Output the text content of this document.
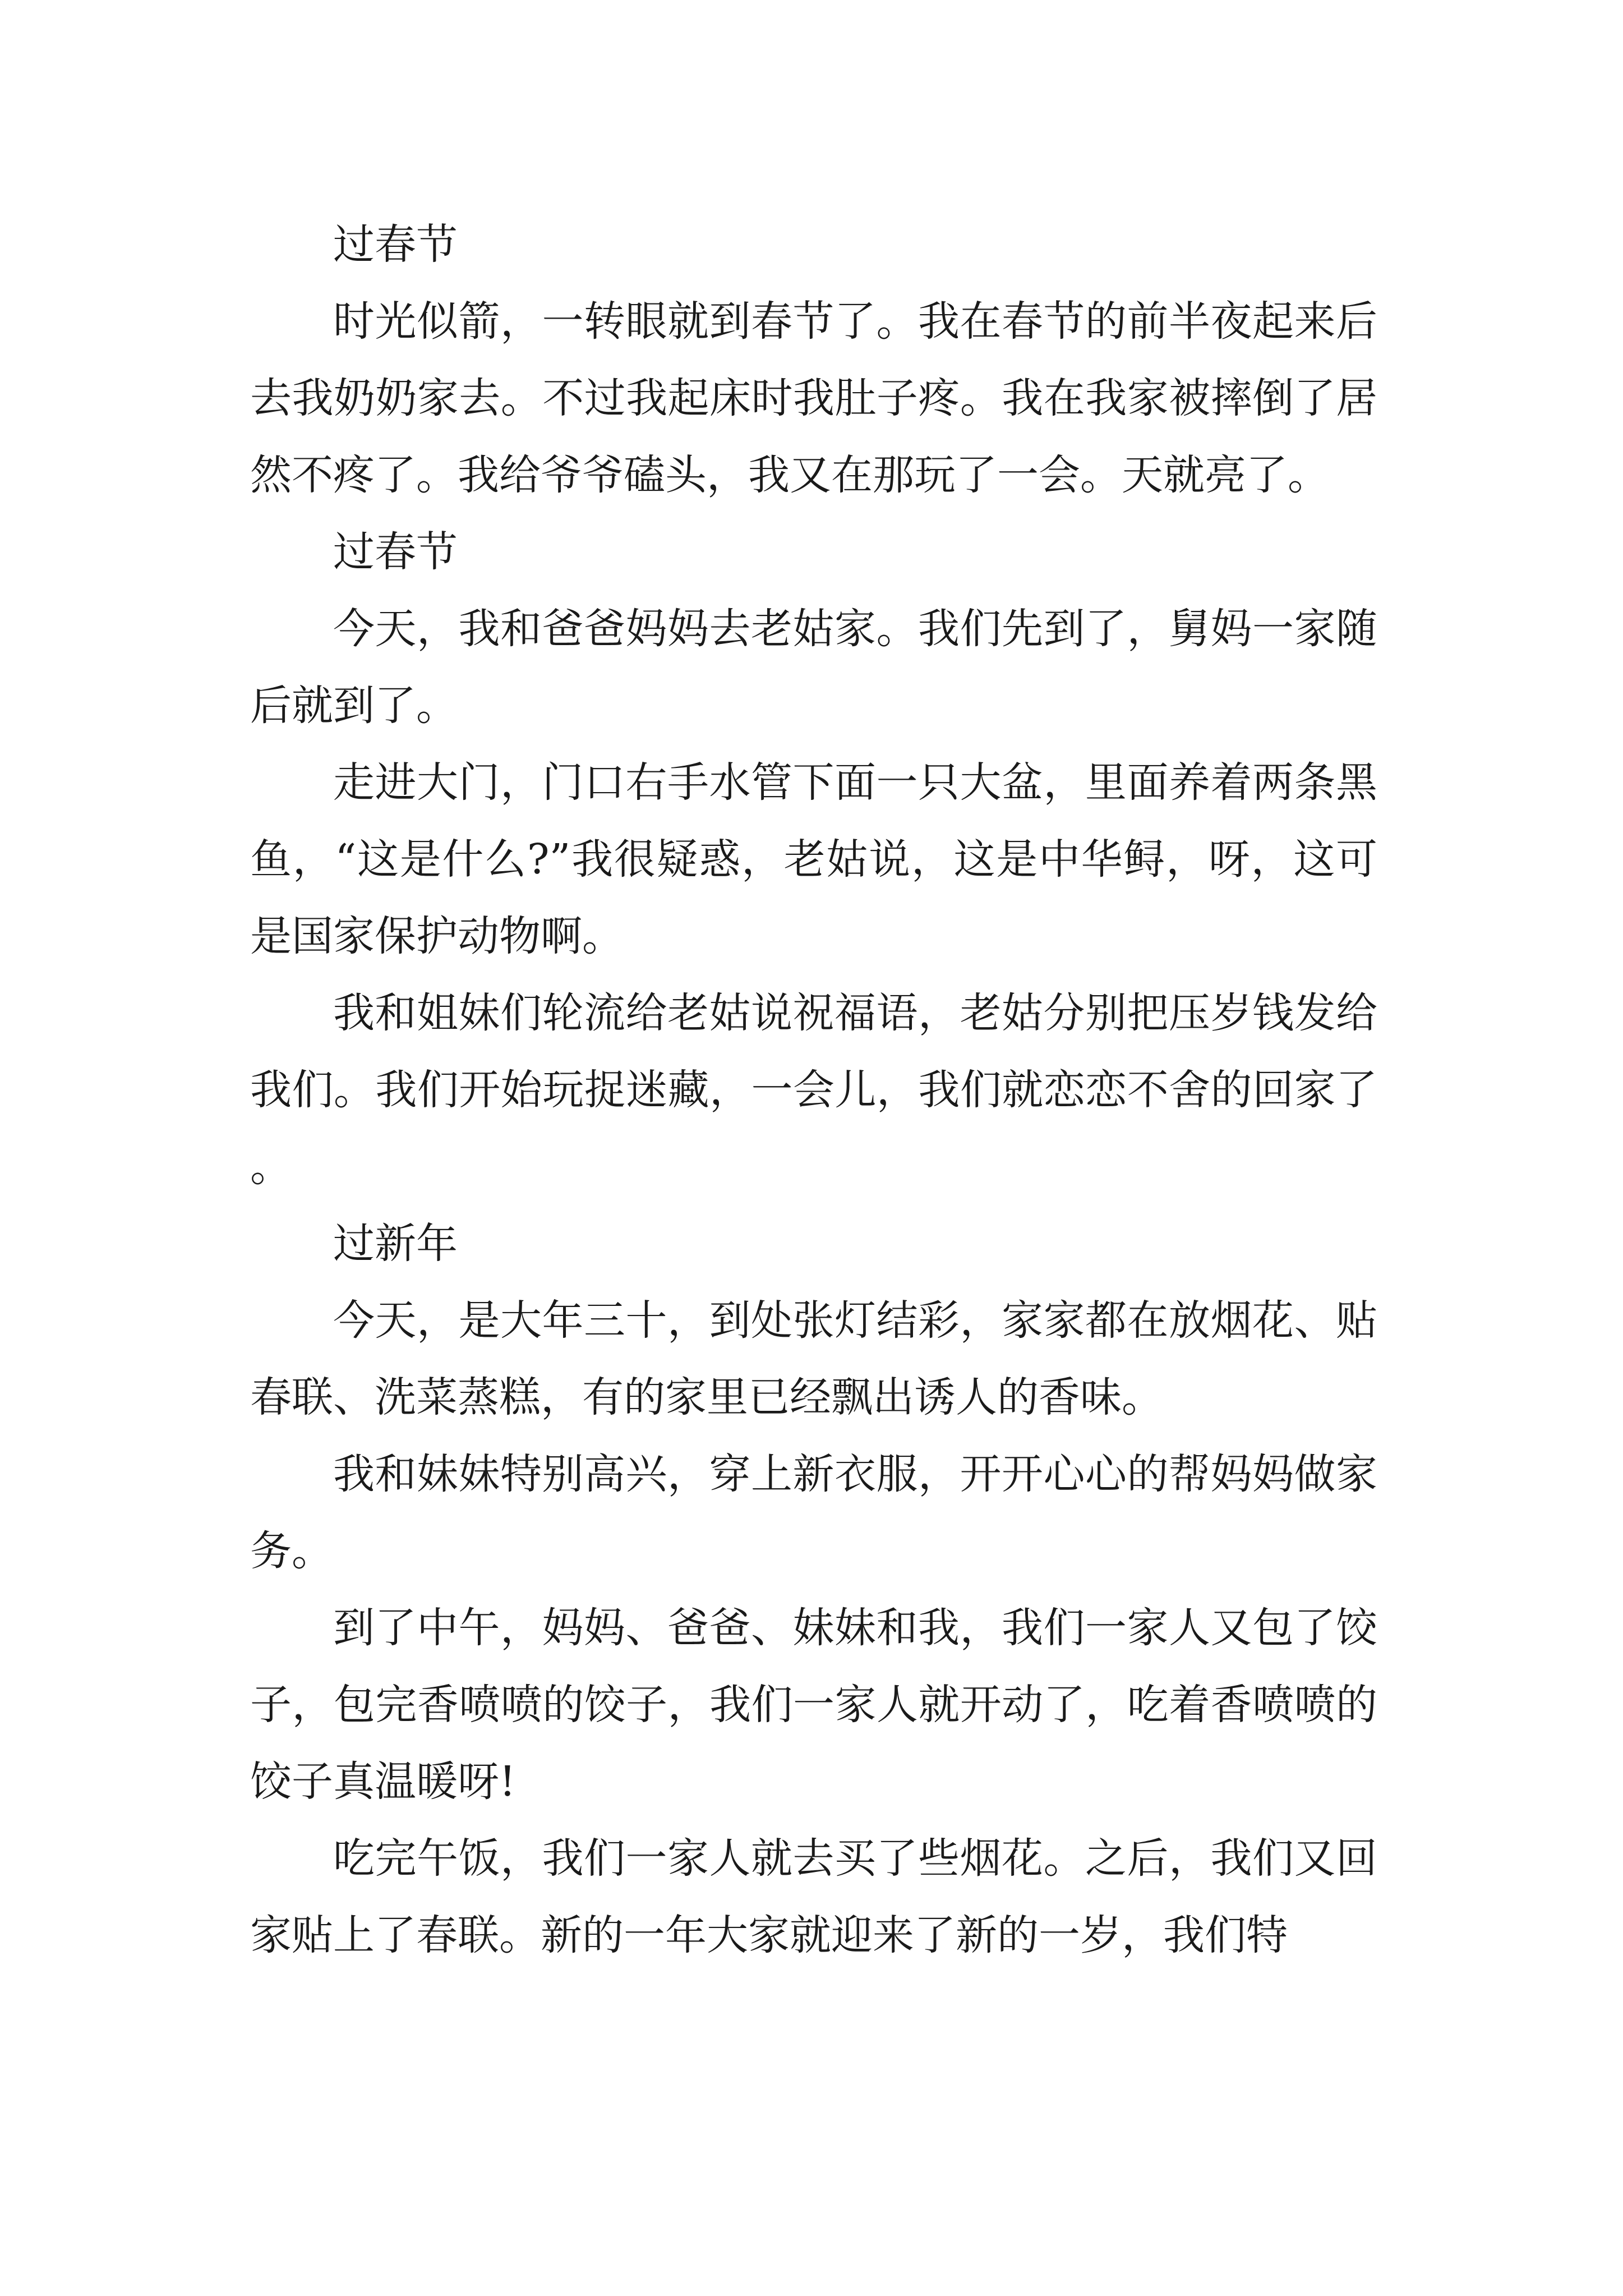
过春节

时光似箭，一转眼就到春节了。我在春节的前半夜起来后去我奶奶家去。不过我起床时我肚子疼。我在我家被摔倒了居然不疼了。我给爷爷磕头，我又在那玩了一会。天就亮了。

过春节

今天，我和爸爸妈妈去老姑家。我们先到了，舅妈一家随后就到了。

走进大门，门口右手水管下面一只大盆，里面养着两条黑鱼，“这是什么?”我很疑惑，老姑说，这是中华鲟，呀，这可是国家保护动物啊。

我和姐妹们轮流给老姑说祝福语，老姑分别把压岁钱发给我们。我们开始玩捉迷藏，一会儿，我们就恋恋不舍的回家了。

过新年

今天，是大年三十，到处张灯结彩，家家都在放烟花、贴春联、洗菜蒸糕，有的家里已经飘出诱人的香味。

我和妹妹特别高兴，穿上新衣服，开开心心的帮妈妈做家务。

到了中午，妈妈、爸爸、妹妹和我，我们一家人又包了饺子，包完香喷喷的饺子，我们一家人就开动了，吃着香喷喷的饺子真温暖呀!

吃完午饭，我们一家人就去买了些烟花。之后，我们又回家贴上了春联。新的一年大家就迎来了新的一岁，我们特
